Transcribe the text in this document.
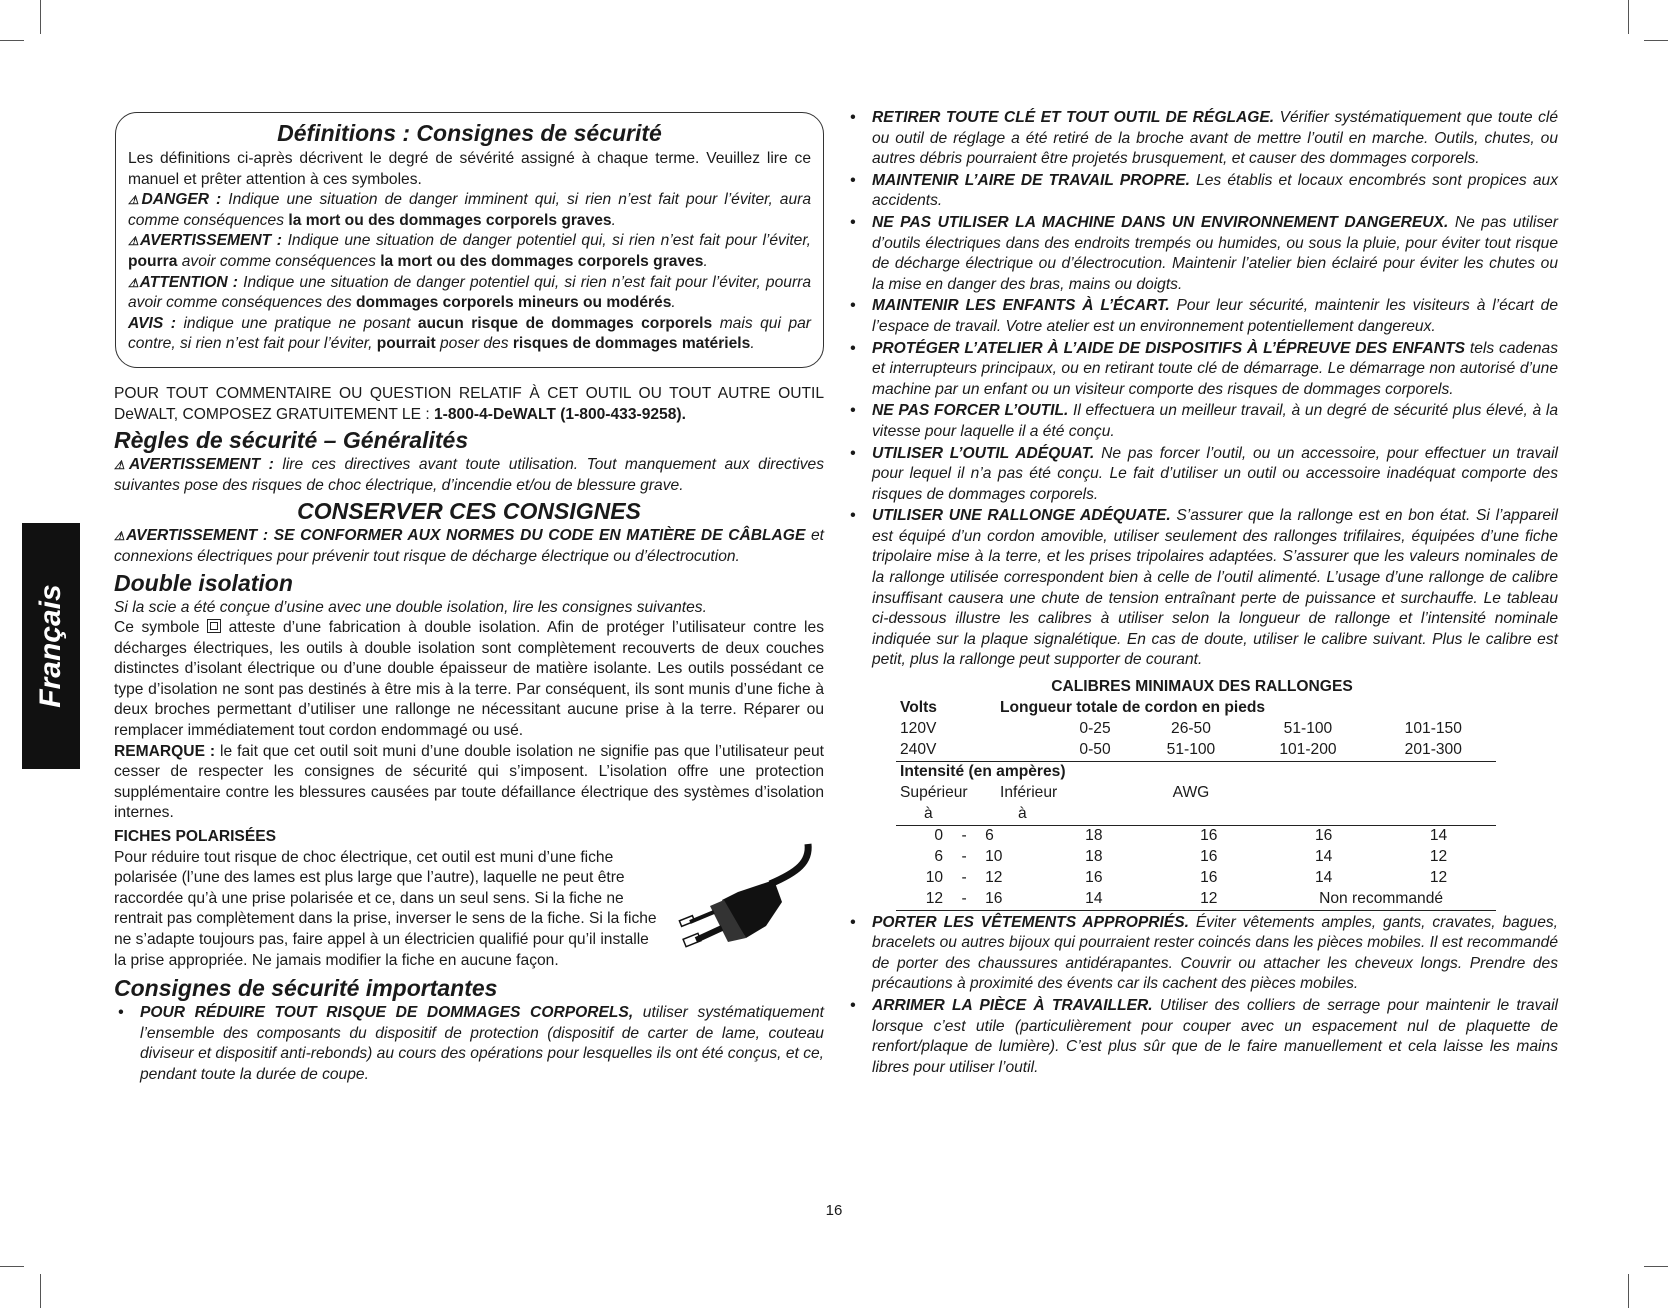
Français
Définitions : Consignes de sécurité

Les définitions ci-après décrivent le degré de sévérité assigné à chaque terme. Veuillez lire ce manuel et prêter attention à ces symboles.

⚠DANGER : Indique une situation de danger imminent qui, si rien n’est fait pour l’éviter, aura comme conséquences la mort ou des dommages corporels graves.

⚠AVERTISSEMENT : Indique une situation de danger potentiel qui, si rien n’est fait pour l’éviter, pourra avoir comme conséquences la mort ou des dommages corporels graves.

⚠ATTENTION : Indique une situation de danger potentiel qui, si rien n’est fait pour l’éviter, pourra avoir comme conséquences des dommages corporels mineurs ou modérés.

AVIS : indique une pratique ne posant aucun risque de dommages corporels mais qui par contre, si rien n’est fait pour l’éviter, pourrait poser des risques de dommages matériels.

POUR TOUT COMMENTAIRE OU QUESTION RELATIF À CET OUTIL OU TOUT AUTRE OUTIL DeWALT, COMPOSEZ GRATUITEMENT LE : 1-800-4-DeWALT (1-800-433-9258).

Règles de sécurité – Généralités

⚠AVERTISSEMENT : lire ces directives avant toute utilisation. Tout manquement aux directives suivantes pose des risques de choc électrique, d’incendie et/ou de blessure grave.

CONSERVER CES CONSIGNES

⚠AVERTISSEMENT : SE CONFORMER AUX NORMES DU CODE EN MATIÈRE DE CÂBLAGE et connexions électriques pour prévenir tout risque de décharge électrique ou d’électrocution.

Double isolation

Si la scie a été conçue d’usine avec une double isolation, lire les consignes suivantes.

Ce symbole  atteste d’une fabrication à double isolation. Afin de protéger l’utilisateur contre les décharges électriques, les outils à double isolation sont complètement recouverts de deux couches distinctes d’isolant électrique ou d’une double épaisseur de matière isolante. Les outils possédant ce type d’isolation ne sont pas destinés à être mis à la terre. Par conséquent, ils sont munis d’une fiche à deux broches permettant d’utiliser une rallonge ne nécessitant aucune prise à la terre. Réparer ou remplacer immédiatement tout cordon endommagé ou usé.

REMARQUE : le fait que cet outil soit muni d’une double isolation ne signifie pas que l’utilisateur peut cesser de respecter les consignes de sécurité qui s’imposent. L’isolation offre une protection supplémentaire contre les blessures causées par toute défaillance électrique des systèmes d’isolation internes.

FICHES POLARISÉES

Pour réduire tout risque de choc électrique, cet outil est muni d’une fiche polarisée (l’une des lames est plus large que l’autre), laquelle ne peut être raccordée qu’à une prise polarisée et ce, dans un seul sens. Si la fiche ne rentrait pas complètement dans la prise, inverser le sens de la fiche. Si la fiche ne s’adapte toujours pas, faire appel à un électricien qualifié pour qu’il installe la prise appropriée. Ne jamais modifier la fiche en aucune façon.

Consignes de sécurité importantes
• POUR RÉDUIRE TOUT RISQUE DE DOMMAGES CORPORELS, utiliser systématiquement l’ensemble des composants du dispositif de protection (dispositif de carter de lame, couteau diviseur et dispositif anti-rebonds) au cours des opérations pour lesquelles ils ont été conçus, et ce, pendant toute la durée de coupe.
• RETIRER TOUTE CLÉ ET TOUT OUTIL DE RÉGLAGE. Vérifier systématiquement que toute clé ou outil de réglage a été retiré de la broche avant de mettre l’outil en marche. Outils, chutes, ou autres débris pourraient être projetés brusquement, et causer des dommages corporels.
• MAINTENIR L’AIRE DE TRAVAIL PROPRE. Les établis et locaux encombrés sont propices aux accidents.
• NE PAS UTILISER LA MACHINE DANS UN ENVIRONNEMENT DANGEREUX. Ne pas utiliser d’outils électriques dans des endroits trempés ou humides, ou sous la pluie, pour éviter tout risque de décharge électrique ou d’électrocution. Maintenir l’atelier bien éclairé pour éviter les chutes ou la mise en danger des bras, mains ou doigts.
• MAINTENIR LES ENFANTS À L’ÉCART. Pour leur sécurité, maintenir les visiteurs à l’écart de l’espace de travail. Votre atelier est un environnement potentiellement dangereux.
• PROTÉGER L’ATELIER À L’AIDE DE DISPOSITIFS À L’ÉPREUVE DES ENFANTS tels cadenas et interrupteurs principaux, ou en retirant toute clé de démarrage. Le démarrage non autorisé d’une machine par un enfant ou un visiteur comporte des risques de dommages corporels.
• NE PAS FORCER L’OUTIL. Il effectuera un meilleur travail, à un degré de sécurité plus élevé, à la vitesse pour laquelle il a été conçu.
• UTILISER L’OUTIL ADÉQUAT. Ne pas forcer l’outil, ou un accessoire, pour effectuer un travail pour lequel il n’a pas été conçu. Le fait d’utiliser un outil ou accessoire inadéquat comporte des risques de dommages corporels.
• UTILISER UNE RALLONGE ADÉQUATE. S’assurer que la rallonge est en bon état. Si l’appareil est équipé d’un cordon amovible, utiliser seulement des rallonges trifilaires, équipées d’une fiche tripolaire mise à la terre, et les prises tripolaires adaptées. S’assurer que les valeurs nominales de la rallonge utilisée correspondent bien à celle de l’outil alimenté. L’usage d’une rallonge de calibre insuffisant causera une chute de tension entraînant perte de puissance et surchauffe. Le tableau ci-dessous illustre les calibres à utiliser selon la longueur de rallonge et l’intensité nominale indiquée sur la plaque signalétique. En cas de doute, utiliser le calibre suivant. Plus le calibre est petit, plus la rallonge peut supporter de courant.
CALIBRES MINIMAUX DES RALLONGES
Volts	Longueur totale de cordon en pieds				
120V	0-25		26-50	51-100	101-150
240V	0-50		51-100	101-200	201-300
Intensité (en ampères)					
Supérieur	Inférieur		AWG		
à	à				
0	-	6	18	16	16	14
6	-	10	18	16	14	12
10	-	12	16	16	14	12
12	-	16	14	12	Non recommandé	
• PORTER LES VÊTEMENTS APPROPRIÉS. Éviter vêtements amples, gants, cravates, bagues, bracelets ou autres bijoux qui pourraient rester coincés dans les pièces mobiles. Il est recommandé de porter des chaussures antidérapantes. Couvrir ou attacher les cheveux longs. Prendre des précautions à proximité des évents car ils cachent des pièces mobiles.
• ARRIMER LA PIÈCE À TRAVAILLER. Utiliser des colliers de serrage pour maintenir le travail lorsque c’est utile (particulièrement pour couper avec un espacement nul de plaquette de renfort/plaque de lumière). C’est plus sûr que de le faire manuellement et cela laisse les mains libres pour utiliser l’outil.
16
